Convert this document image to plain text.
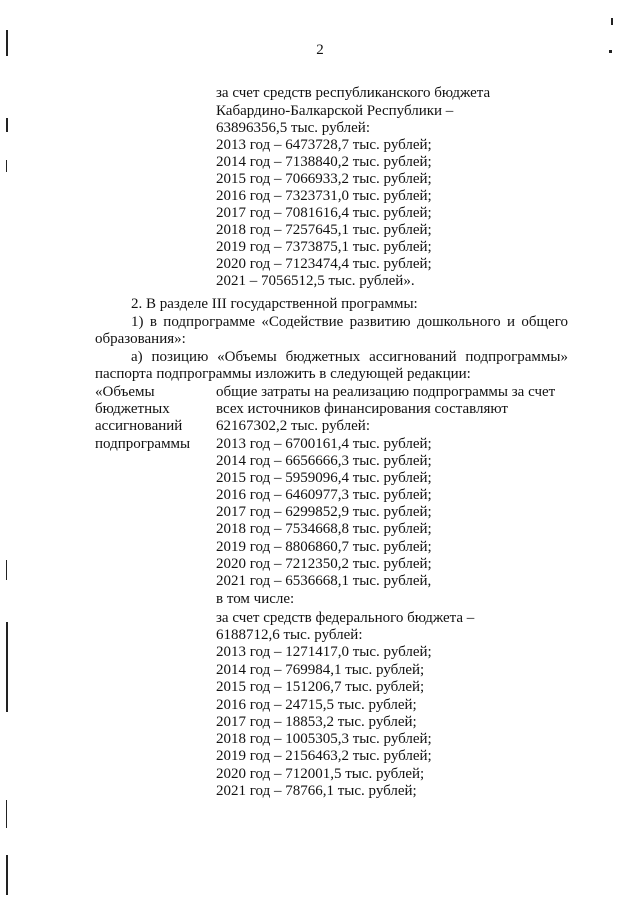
2
за счет средств республиканского бюджета
Кабардино-Балкарской Республики –
63896356,5 тыс. рублей:
2013 год – 6473728,7 тыс. рублей;
2014 год – 7138840,2 тыс. рублей;
2015 год – 7066933,2 тыс. рублей;
2016 год – 7323731,0 тыс. рублей;
2017 год – 7081616,4 тыс. рублей;
2018 год – 7257645,1 тыс. рублей;
2019 год – 7373875,1 тыс. рублей;
2020 год – 7123474,4 тыс. рублей;
2021 – 7056512,5 тыс. рублей».
2. В разделе III государственной программы:
1) в подпрограмме «Содействие развитию дошкольного и общего
образования»:
а) позицию «Объемы бюджетных ассигнований подпрограммы»
паспорта подпрограммы изложить в следующей редакции:
«Объемы
бюджетных
ассигнований
подпрограммы
общие затраты на реализацию подпрограммы за счет
всех источников финансирования составляют
62167302,2 тыс. рублей:
2013 год – 6700161,4 тыс. рублей;
2014 год – 6656666,3 тыс. рублей;
2015 год – 5959096,4 тыс. рублей;
2016 год – 6460977,3 тыс. рублей;
2017 год – 6299852,9 тыс. рублей;
2018 год – 7534668,8 тыс. рублей;
2019 год – 8806860,7 тыс. рублей;
2020 год – 7212350,2 тыс. рублей;
2021 год – 6536668,1 тыс. рублей,
в том числе:
за счет средств федерального бюджета –
6188712,6 тыс. рублей:
2013 год – 1271417,0 тыс. рублей;
2014 год – 769984,1 тыс. рублей;
2015 год – 151206,7 тыс. рублей;
2016 год – 24715,5 тыс. рублей;
2017 год – 18853,2 тыс. рублей;
2018 год – 1005305,3 тыс. рублей;
2019 год – 2156463,2 тыс. рублей;
2020 год – 712001,5 тыс. рублей;
2021 год – 78766,1 тыс. рублей;
